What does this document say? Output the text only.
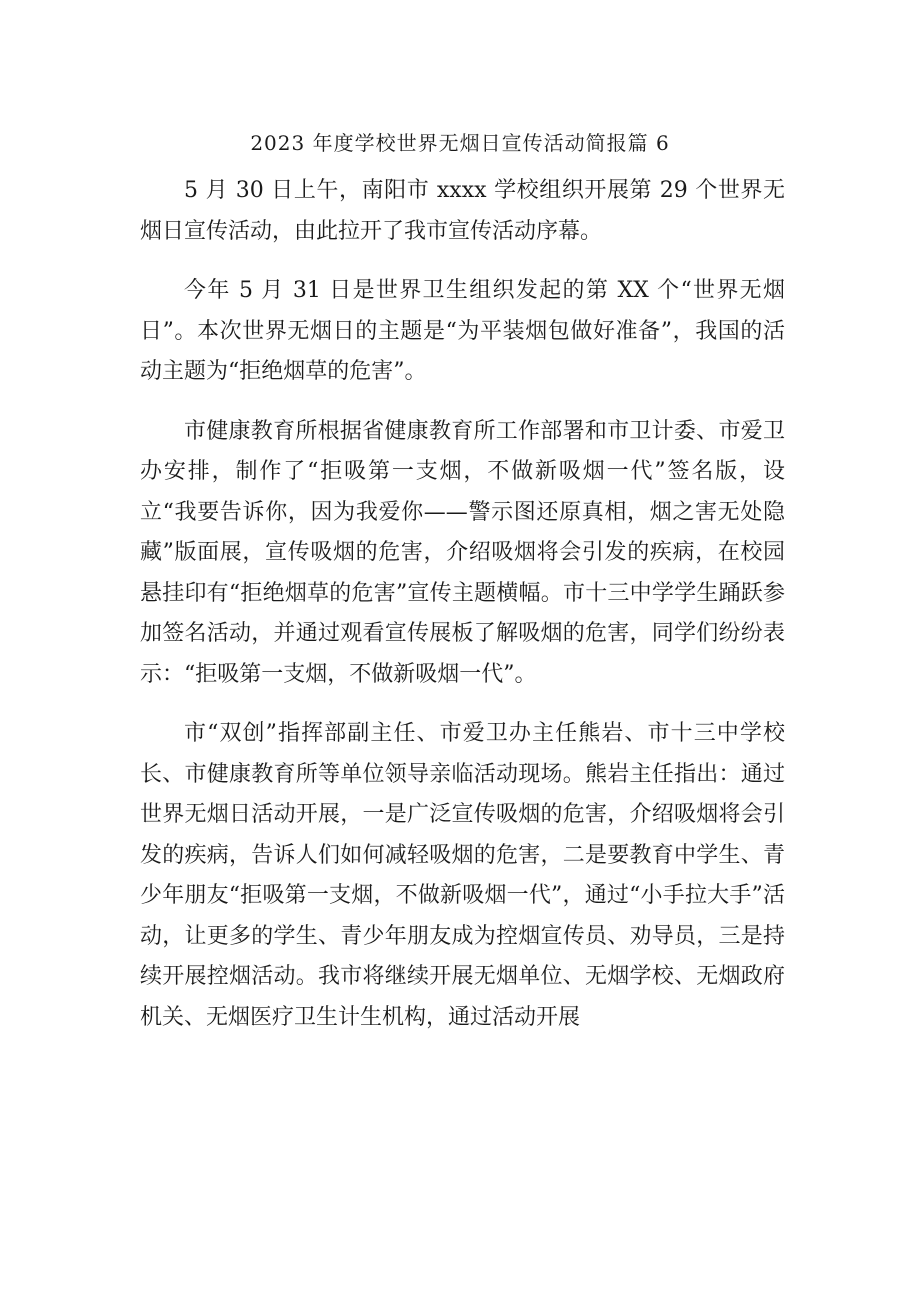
2023 年度学校世界无烟日宣传活动简报篇 6

5 月 30 日上午，南阳市 xxxx 学校组织开展第 29 个世界无烟日宣传活动，由此拉开了我市宣传活动序幕。

今年 5 月 31 日是世界卫生组织发起的第 XX 个“世界无烟日”。本次世界无烟日的主题是“为平装烟包做好准备”，我国的活动主题为“拒绝烟草的危害”。

市健康教育所根据省健康教育所工作部署和市卫计委、市爱卫办安排，制作了“拒吸第一支烟，不做新吸烟一代”签名版，设立“我要告诉你，因为我爱你——警示图还原真相，烟之害无处隐藏”版面展，宣传吸烟的危害，介绍吸烟将会引发的疾病，在校园悬挂印有“拒绝烟草的危害”宣传主题横幅。市十三中学学生踊跃参加签名活动，并通过观看宣传展板了解吸烟的危害，同学们纷纷表示：“拒吸第一支烟，不做新吸烟一代”。

市“双创”指挥部副主任、市爱卫办主任熊岩、市十三中学校长、市健康教育所等单位领导亲临活动现场。熊岩主任指出：通过世界无烟日活动开展，一是广泛宣传吸烟的危害，介绍吸烟将会引发的疾病，告诉人们如何减轻吸烟的危害，二是要教育中学生、青少年朋友“拒吸第一支烟，不做新吸烟一代”，通过“小手拉大手”活动，让更多的学生、青少年朋友成为控烟宣传员、劝导员，三是持续开展控烟活动。我市将继续开展无烟单位、无烟学校、无烟政府机关、无烟医疗卫生计生机构，通过活动开展
